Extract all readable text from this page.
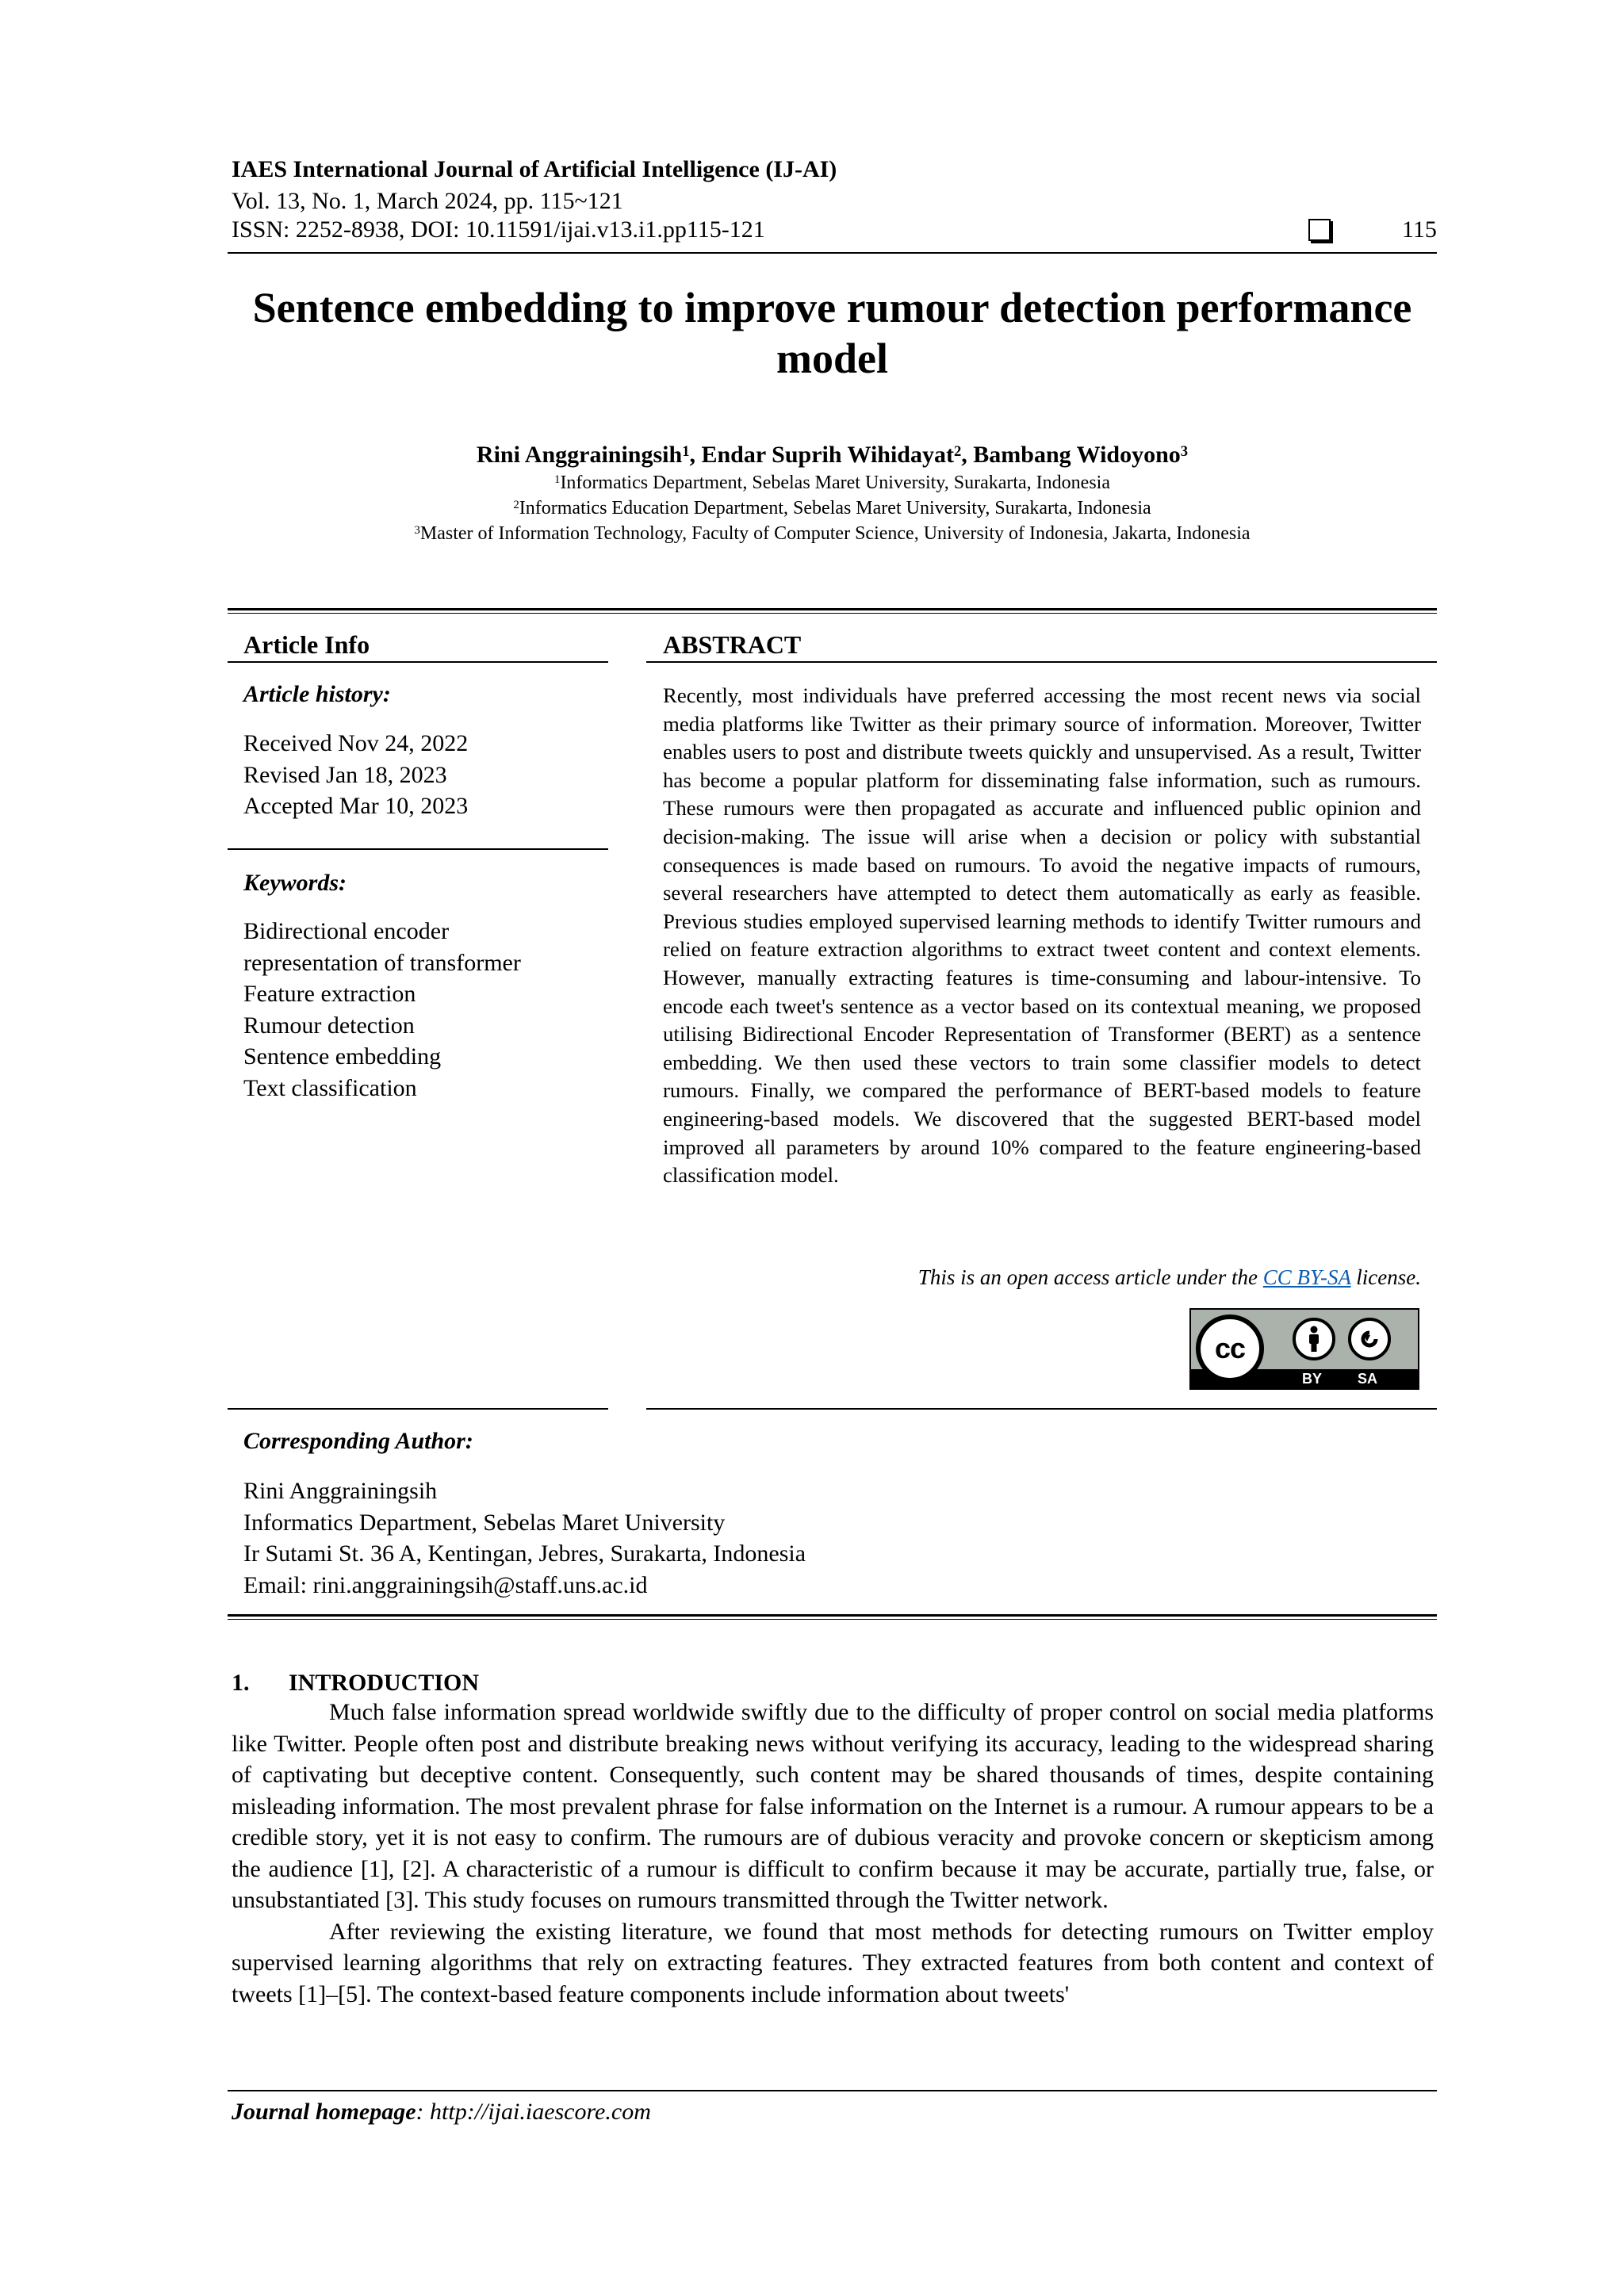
IAES International Journal of Artificial Intelligence (IJ-AI)
Vol. 13, No. 1, March 2024, pp. 115~121
ISSN: 2252-8938, DOI: 10.11591/ijai.v13.i1.pp115-121	115
Sentence embedding to improve rumour detection performance
model
Rini Anggrainingsih$^1$, Endar Suprih Wihidayat$^2$, Bambang Widoyono$^3$
$^1$Informatics Department, Sebelas Maret University, Surakarta, Indonesia
$^2$Informatics Education Department, Sebelas Maret University, Surakarta, Indonesia
$^3$Master of Information Technology, Faculty of Computer Science, University of Indonesia, Jakarta, Indonesia
Article Info	ABSTRACT
Article history:
Received Nov 24, 2022
Revised Jan 18, 2023
Accepted Mar 10, 2023
Keywords:
Bidirectional encoder
representation of transformer
Feature extraction
Rumour detection
Sentence embedding
Text classification
Recently, most individuals have preferred accessing the most recent news via social media platforms like Twitter as their primary source of information. Moreover, Twitter enables users to post and distribute tweets quickly and unsupervised. As a result, Twitter has become a popular platform for disseminating false information, such as rumours. These rumours were then propagated as accurate and influenced public opinion and decision-making. The issue will arise when a decision or policy with substantial consequences is made based on rumours. To avoid the negative impacts of rumours, several researchers have attempted to detect them automatically as early as feasible. Previous studies employed supervised learning methods to identify Twitter rumours and relied on feature extraction algorithms to extract tweet content and context elements. However, manually extracting features is time-consuming and labour-intensive. To encode each tweet's sentence as a vector based on its contextual meaning, we proposed utilising Bidirectional Encoder Representation of Transformer (BERT) as a sentence embedding. We then used these vectors to train some classifier models to detect rumours. Finally, we compared the performance of BERT-based models to feature engineering-based models. We discovered that the suggested BERT-based model improved all parameters by around 10% compared to the feature engineering-based classification model.
This is an open access article under the CC BY-SA license.
cc
BY SA
Corresponding Author:
Rini Anggrainingsih
Informatics Department, Sebelas Maret University
Ir Sutami St. 36 A, Kentingan, Jebres, Surakarta, Indonesia
Email: rini.anggrainingsih@staff.uns.ac.id
1. INTRODUCTION

Much false information spread worldwide swiftly due to the difficulty of proper control on social media platforms like Twitter. People often post and distribute breaking news without verifying its accuracy, leading to the widespread sharing of captivating but deceptive content. Consequently, such content may be shared thousands of times, despite containing misleading information. The most prevalent phrase for false information on the Internet is a rumour. A rumour appears to be a credible story, yet it is not easy to confirm. The rumours are of dubious veracity and provoke concern or skepticism among the audience [1], [2]. A characteristic of a rumour is difficult to confirm because it may be accurate, partially true, false, or unsubstantiated [3]. This study focuses on rumours transmitted through the Twitter network.

After reviewing the existing literature, we found that most methods for detecting rumours on Twitter employ supervised learning algorithms that rely on extracting features. They extracted features from both content and context of tweets [1]–[5]. The context-based feature components include information about tweets'

Journal homepage: http://ijai.iaescore.com
